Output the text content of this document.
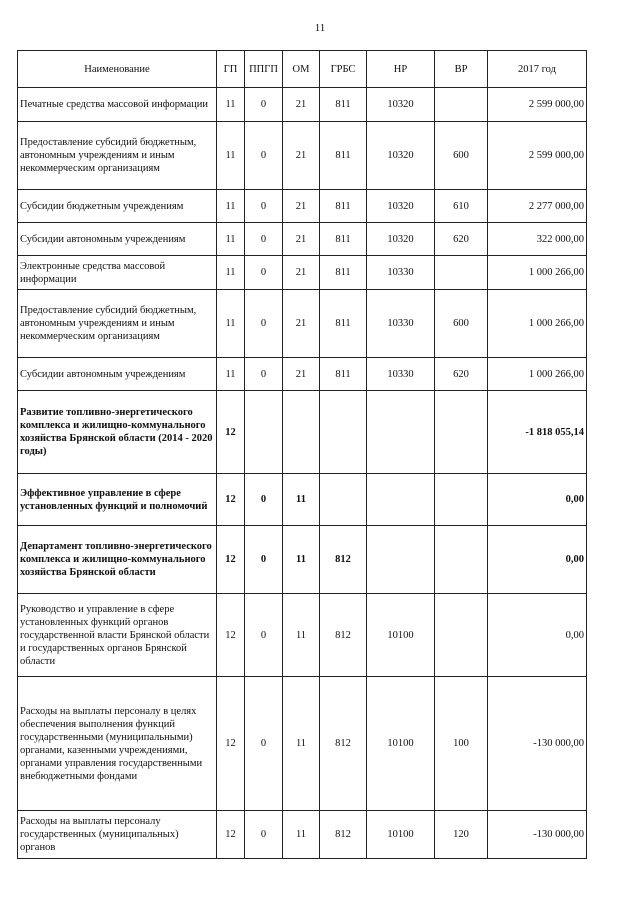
11
Наименование	ГП	ППГП	ОМ	ГРБС	НР	ВР	2017 год
Печатные средства массовой информации	11	0	21	811	10320		2 599 000,00
Предоставление субсидий бюджетным, автономным учреждениям и иным некоммерческим организациям	11	0	21	811	10320	600	2 599 000,00
Субсидии бюджетным учреждениям	11	0	21	811	10320	610	2 277 000,00
Субсидии автономным учреждениям	11	0	21	811	10320	620	322 000,00
Электронные средства массовой информации	11	0	21	811	10330		1 000 266,00
Предоставление субсидий бюджетным, автономным учреждениям и иным некоммерческим организациям	11	0	21	811	10330	600	1 000 266,00
Субсидии автономным учреждениям	11	0	21	811	10330	620	1 000 266,00
Развитие топливно-энергетического комплекса и жилищно-коммунального хозяйства Брянской области (2014 - 2020 годы)	12						-1 818 055,14
Эффективное управление в сфере установленных функций и полномочий	12	0	11				0,00
Департамент топливно-энергетического комплекса и жилищно-коммунального хозяйства Брянской области	12	0	11	812			0,00
Руководство и управление в сфере установленных функций органов государственной власти Брянской области и государственных органов Брянской области	12	0	11	812	10100		0,00
Расходы на выплаты персоналу в целях обеспечения выполнения функций государственными (муниципальными) органами, казенными учреждениями, органами управления государственными внебюджетными фондами	12	0	11	812	10100	100	-130 000,00
Расходы на выплаты персоналу государственных (муниципальных) органов	12	0	11	812	10100	120	-130 000,00
